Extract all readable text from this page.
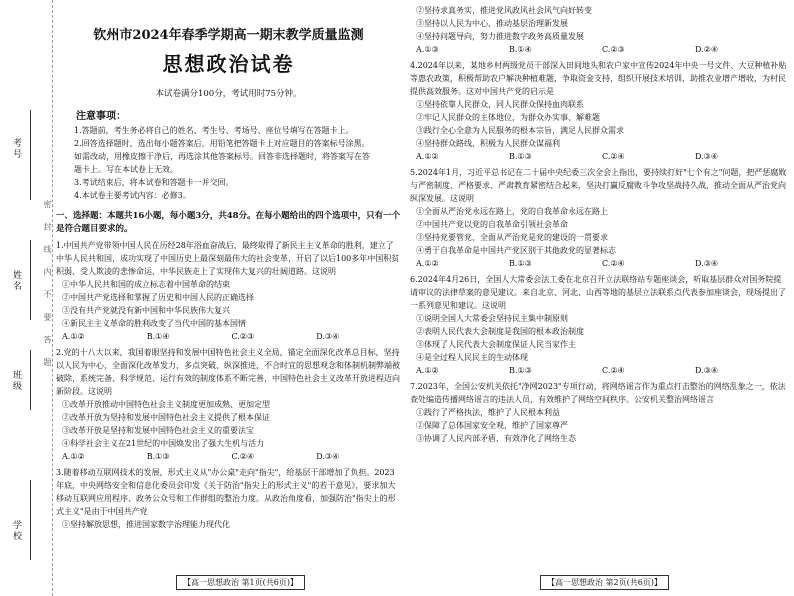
考号
姓名
班级
学校
密 封 线 内 不 要 答 题
钦州市2024年春季学期高一期末教学质量监测
思想政治试卷
本试卷满分100分，考试用时75分钟。
注意事项：
1.答题前，考生务必将自己的姓名、考生号、考场号、座位号填写在答题卡上。
2.回答选择题时，选出每小题答案后，用铅笔把答题卡上对应题目的答案标号涂黑。如需改动，用橡皮擦干净后，再选涂其他答案标号。回答非选择题时，将答案写在答题卡上。写在本试卷上无效。
3.考试结束后，将本试卷和答题卡一并交回。
4.本试卷主要考试内容：必修3。
一、选择题：本题共16小题，每小题3分，共48分。在每小题给出的四个选项中，只有一个是符合题目要求的。
1.中国共产党带领中国人民在历经28年浴血奋战后，最终取得了新民主主义革命的胜利，建立了中华人民共和国，成功实现了中国历史上最深刻最伟大的社会变革，开启了以后100多年中国积贫积弱、受人欺凌的悲惨命运，中华民族走上了实现伟大复兴的壮阔道路。这说明
①中华人民共和国的成立标志着中国革命的结束
②中国共产党选择和掌握了历史和中国人民的正确选择
③没有共产党就没有新中国和中华民族伟大复兴
④新民主主义革命的胜利改变了当代中国的基本国情
A.①②	B.①④	C.②③	D.③④
2.党的十八大以来，我国着眼坚持和发展中国特色社会主义全局，锚定全面深化改革总目标，坚持以人民为中心，全面深化改革发力，多点突破、纵深推进，不合时宜的思想观念和体制机制弊端被破除，系统完备、科学规范、运行有效的制度体系不断完善，中国特色社会主义改革开放进程迈向新阶段。这说明
①改革开放推动中国特色社会主义制度更加成熟、更加定型
②改革开放为坚持和发展中国特色社会主义提供了根本保证
③改革开放是坚持和发展中国特色社会主义的重要法宝
④科学社会主义在21世纪的中国焕发出了强大生机与活力
A.①②	B.①③	C.②④	D.③④
3.随着移动互联网技术的发展，形式主义从"办公桌"走向"指尖"，给基层干部增加了负担。2023年底，中央网络安全和信息化委员会印发《关于防治"指尖上的形式主义"的若干意见》，要求加大移动互联网应用程序、政务公众号和工作群组的整治力度。从政治角度看，加强防治"指尖上的形式主义"是由于中国共产党
①坚持解放思想，推进国家数字治理能力现代化
【高一思想政治 第1页(共6页)】
②坚持求真务实，推进党风政风社会风气向好转变
③坚持以人民为中心，推动基层治理新发展
④坚持问题导向，努力推进数字政务高质量发展
A.①③	B.①④	C.②③	D.②④
4.2024年以来，某地乡村两级党员干部深入田间地头和农户家中宣传2024年中央一号文件、大豆种植补贴等惠农政策，积极帮助农户解决种植难题，争取资金支持，组织开展技术培训，助推农业增产增收，为村民提供高效服务。这对中国共产党的启示是
①坚持依靠人民群众，同人民群众保持血肉联系
②牢记人民群众的主体地位，为群众办实事、解难题
③践行全心全意为人民服务的根本宗旨，满足人民群众需求
④坚持群众路线，积极为人民群众谋福利
A.①②	B.①③	C.②④	D.③④
5.2024年1月，习近平总书记在二十届中央纪委三次全会上指出，要持续打好"七个有之"问题，把严惩腐败与严密制度、严格要求、严肃教育紧密结合起来，坚决打赢反腐败斗争攻坚战持久战，推动全面从严治党向纵深发展。这说明
①全面从严治党永远在路上，党的自我革命永远在路上
②中国共产党以党的自我革命引领社会革命
③坚持党要管党、全面从严治党是党的建设的一贯要求
④勇于自我革命是中国共产党区别于其他政党的显著标志
A.①②	B.①③	C.②④	D.③④
6.2024年4月26日，全国人大常委会法工委在北京召开立法联络站专题座谈会，听取基层群众对国务院提请审议的法律草案的意见建议。来自北京、河北、山西等地的基层立法联系点代表参加座谈会，现场提出了一系列意见和建议。这说明
①说明全国人大常委会坚持民主集中制原则
②表明人民代表大会制度是我国的根本政治制度
③体现了人民代表大会制度保证人民当家作主
④是全过程人民民主的生动体现
A.①②	B.①③	C.②④	D.③④
7.2023年，全国公安机关依托"净网2023"专项行动，将网络谣言作为重点打击整治的网络乱象之一，依法查处编造传播网络谣言的违法人员，有效维护了网络空间秩序。公安机关整治网络谣言
①践行了严格执法，维护了人民根本利益
②保障了总体国家安全观，维护了国家尊严
③协调了人民内部矛盾，有效净化了网络生态
【高一思想政治 第2页(共6页)】
